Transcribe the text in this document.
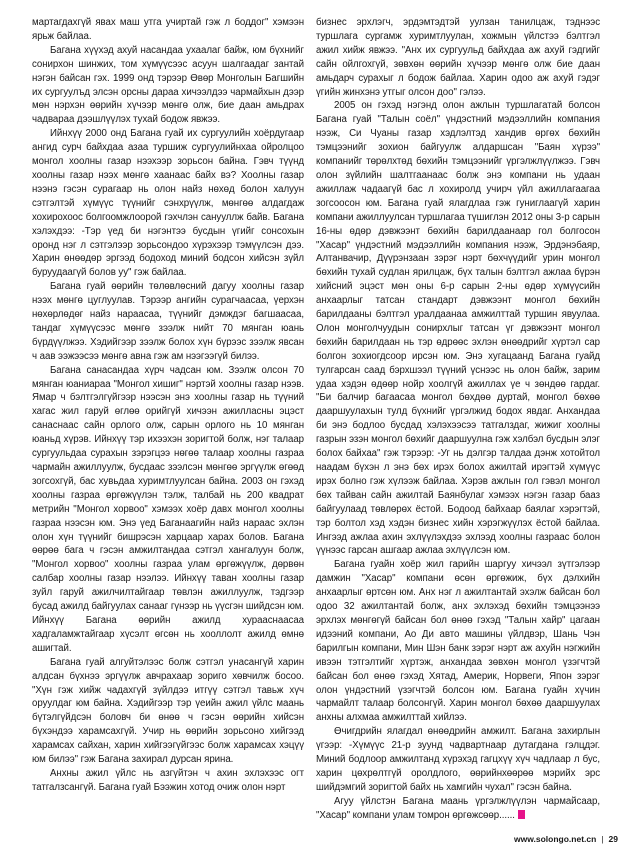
мартагдахгүй явах маш утга учиртай гэж л боддог" хэмээн ярьж байлаа.

Багана хүүхэд ахуй насандаа ухаалаг байж, юм бүхнийг сонирхон шинжих, том хүмүүсээс асуун шалгаадаг зантай нэгэн байсан гэх. 1999 онд тэрээр Өвөр Монголын Багшийн их сургуулъд элсэн орсны дараа хичээлдээ чармайхын дээр мөн нэрхэн өөрийн хүчээр мөнгө олж, бие даан амьдрах чадвараа дээшлүүлэх тухай бодож явжээ.

Ийнхүү 2000 онд Багана гуай их сургуулийн хоёрдугаар ангид сурч байхдаа азаа туршиж сургуулийнхаа ойролцоо монгол хоолны газар нээхээр зорьсон байна. Гэвч түүнд хоолны газар нээх мөнгө хаанаас байх вэ? Хоолны газар нээнэ гэсэн сурагаар нь олон найз нөхөд болон халуун сэтгэлтэй хүмүүс түүнийг сэнхрүүлж, мөнгөө алдагдаж хохирохоос болгоомжлоорой гэхчлэн санууллж байв. Багана хэлэхдээ: -Тэр үед би нэгэнтээ бусдын үгийг сонсохын оронд нэг л сэтгэлээр зорьсондоо хүрэхээр тэмүүлсэн дээ. Харин өнөөдөр эргээд бодоход миний бодсон хийсэн зүйл буруудаагүй болов уу" гэж байлаа.

Багана гуай өөрийн төлөвлөсний дагуу хоолны газар нээх мөнгө цуглуулав. Тэрээр ангийн сурагчаасаа, үерхэн нөхөрлөдөг найз нараасаа, түүнийг дэмждэг багшаасаа, тандаг хүмүүсээс мөнгө зээлж нийт 70 мянган юань бүрдүүлжээ. Хэдийгээр зээлж болох хүн бүрээс зээлж явсан ч аав ээжээсээ мөнгө авна гэж ам нээгээгүй билээ.

Багана санасандаа хүрч чадсан юм. Зээлж олсон 70 мянган юаниараа "Монгол хишиг" нэртэй хоолны газар нээв. Ямар ч бэлтгэлгүйгээр нээсэн энэ хоолны газар нь түүний хагас жил гаруй өглөө орийгүй хичээн ажилласны эцэст санаснаас сайн орлого олж, сарын орлого нь 10 мянган юаньд хүрэв. Ийнхүү тэр ихээхэн зоригтой болж, нэг талаар сургуульдаа сурахын зэрэгцээ нөгөө талаар хоолны газраа чармайн ажиллуулж, бусдаас зээлсэн мөнгөө эргүүлж өгөөд зогсохгүй, бас хувьдаа хуримтлуулсан байна. 2003 он гэхэд хоолны газраа өргөжүүлэн тэлж, талбай нь 200 квадрат метрийн "Монгол хорвоо" хэмээх хоёр давх монгол хоолны газраа нээсэн юм. Энэ үед Баганаагийн найз нараас эхлэн олон хүн түүнийг бишрэсэн харцаар харах болов. Багана өөрөө бага ч гэсэн амжилтандаа сэтгэл хангалуун болж, "Монгол хорвоо" хоолны газраа улам өргөжүүлж, дөрвөн салбар хоолны газар нээлээ. Ийнхүү таван хоолны газар зуйл гаруй ажилчилтайгаар төвлэн ажиллуулж, тэдгээр бусад ажилд байгуулах санааг гүнээр нь үүсгэн шийдсэн юм. Ийнхүү Багана өөрийн ажилд хурааснаасаа хадгаламжтайгаар хүсэлт өгсөн нь хооллолт ажилд өмнө ашигтай.

Багана гуай алгуйтэлээс болж сэтгэл унасангүй харин алдсан бүхнээ эргүүлж авчрахаар зориго хөвчилж босоо. "Хүн гэж хийж чадахгүй зүйлдээ итгүү сэтгэл тавьж хүч оруулдаг юм байна. Хэдийгээр тэр үеийн ажил үйлс маань бүтэлгүйдсэн боловч би өнөө ч гэсэн өөрийн хийсэн бүхэндээ харамсахгүй. Учир нь өөрийн зорьсоно хийгээд харамсах сайхан, харин хийгээгүйгээс болж харамсах хэцүү юм билээ" гэж Багана захирал дурсан ярина.

Анхны ажил үйлс нь азгүйтэн ч ахин эхлэхээс огт татгалзсангүй. Багана гуай Бээжин хотод очиж олон нэрт

бизнес эрхлэгч, эрдэмтэдтэй уулзан танилцаж, тэднээс туршлага сургамж хуримтлуулан, хожмын үйлстээ бэлтгэл ажил хийж явжээ. "Анх их сургуульд байхдаа аж ахуй гэдгийг сайн ойлгохгүй, зөвхөн өөрийн хүчээр мөнгө олж бие даан амьдарч сурахыг л бодож байлаа. Харин одоо аж ахуй гэдэг үгийн жинхэнэ утгыг олсон доо" гэлээ.

2005 он гэхэд нэгэнд олон ажлын туршлагатай болсон Багана гуай "Талын соёл" үндэстний мэдээллийн компания нээж, Си Чуаны газар хэдлэлтэд хандив өргөх бөхийн тэмцээнийг зохион байгуулж алдаршсан "Баян хүрээ" компанийг төрөлхтөд бөхийн тэмцээнийг үргэлжлүүлжээ. Гэвч олон зүйлийн шалтгаанаас болж энэ компани нь удаан ажиллаж чадаагүй бас л хохиролд учирч үйл ажиллагаагаа зогсоосон юм. Багана гуай ялагдлаа гэж гуниглаагүй харин компани ажиллуулсан туршлагаа түшиглэн 2012 оны 3-р сарын 16-ны өдөр дэвжээнт бөхийн барилдаанаар гол болгосон "Хасар" үндэстний мэдээллийн компания нээж, Эрдэнэбаяр, Алтанвачир, Дүүрэнзаан зэрэг нэрт бөхчүүдийг урин монгол бөхийн тухай судлан ярилцаж, бүх талын бэлтгэл ажлаа бүрэн хийсний эцэст мөн оны 6-р сарын 2-ны өдөр хүмүүсийн анхаарлыг татсан стандарт дэвжээнт монгол бөхийн барилдааны бэлтгэл уралдаанаа амжилттай туршин явуулаа. Олон монголчуудын сонирхлыг татсан үг дэвжээнт монгол бөхийн барилдаан нь тэр өдрөөс эхлэн өнөөдрийг хүртэл сар болгон зохиогдсоор ирсэн юм. Энэ хугацаанд Багана гуайд тулгарсан саад бэрхшээл түүний үснээс нь олон байж, зарим удаа хэдэн өдөөр нойр хоолгүй ажиллах үе ч зөндөө гардаг. "Би балчир багаасаа монгол бөхдөө дуртай, монгол бөхөө дааршуулахын тулд бүхнийг үргэлжид бодох явдаг. Анхандаа би энэ бодлоо бусдад хэлэхээсээ татгалздаг, жижиг хоолны газрын эзэн монгол бөхийг дааршуулна гэж хэлбэл бусдын элэг болох байхаа" гэж тэрээр: -Уг нь дэлгэр талдаа дэнж хотойтол наадам бүхэн л энэ бөх ирэх болох ажилтай ирэгтэй хүмүүс ирэх болно гэж хүлээж байлаа. Хэрэв ажлын гол гэвэл монгол бөх тайван сайн ажилтай Баянбулаг хэмээх нэгэн газар бааз байгуулаад төвлөрөх ёстой. Бодоод байхаар баялаг хэрэгтэй, тэр болтол хэд хэдэн бизнес хийн хэрэгжүүлэх ёстой байлаа. Ингээд ажлаа ахин эхлүүлэхдээ эхлээд хоолны газраас болон үүнээс гарсан ашгаар ажлаа эхлүүлсэн юм.

Багана гуайн хоёр жил гарийн шаргуу хичээл зүтгэлээр дамжин "Хасар" компани өсөн өргөжиж, бүх дэлхийн анхаарлыг өртсөн юм. Анх нэг л ажилтантай эхэлж байсан бол одоо 32 ажилтантай болж, анх эхлэхэд бөхийн тэмцээнээ эрхлэх мөнгөгүй байсан бол өнөө гэхэд "Талын хайр" цагаан идээний компани, Ао Ди авто машины үйлдвэр, Шань Чэн барилгын компани, Мин Шэн банк зэрэг нэрт аж ахуйн нэгжийн ивээн тэтгэлтийг хүртэж, анхандаа зөвхөн монгол үзэгчтэй байсан бол өнөө гэхэд Хятад, Америк, Норвеги, Япон зэрэг олон үндэстний үзэгчтэй болсон юм. Багана гуайн хүчин чармайлт талаар болсонгүй. Харин монгол бөхөө дааршуулах анхны алхмаа амжилттай хийлээ.

Өчигдрийн ялагдал өнөөдрийн амжилт. Багана захирлын үгээр: -Хүмүүс 21-р зуунд чадвартнаар дутагдана гэлцдэг. Миний бодлоор амжилтанд хүрэхэд гагцхүү хүч чадлаар л бус, харин цөхрөлтгүй оролдлого, өөрийнхөөрөө мэрийх эрс шийдэмгий зоригтой байх нь хамгийн чухал" гэсэн байна.

Агуу үйлстэн Багана маань үргэлжлүүлэн чармайсаар, "Хасар" компани улам томрон өргөжсөөр......

www.solongo.net.cn | 29
